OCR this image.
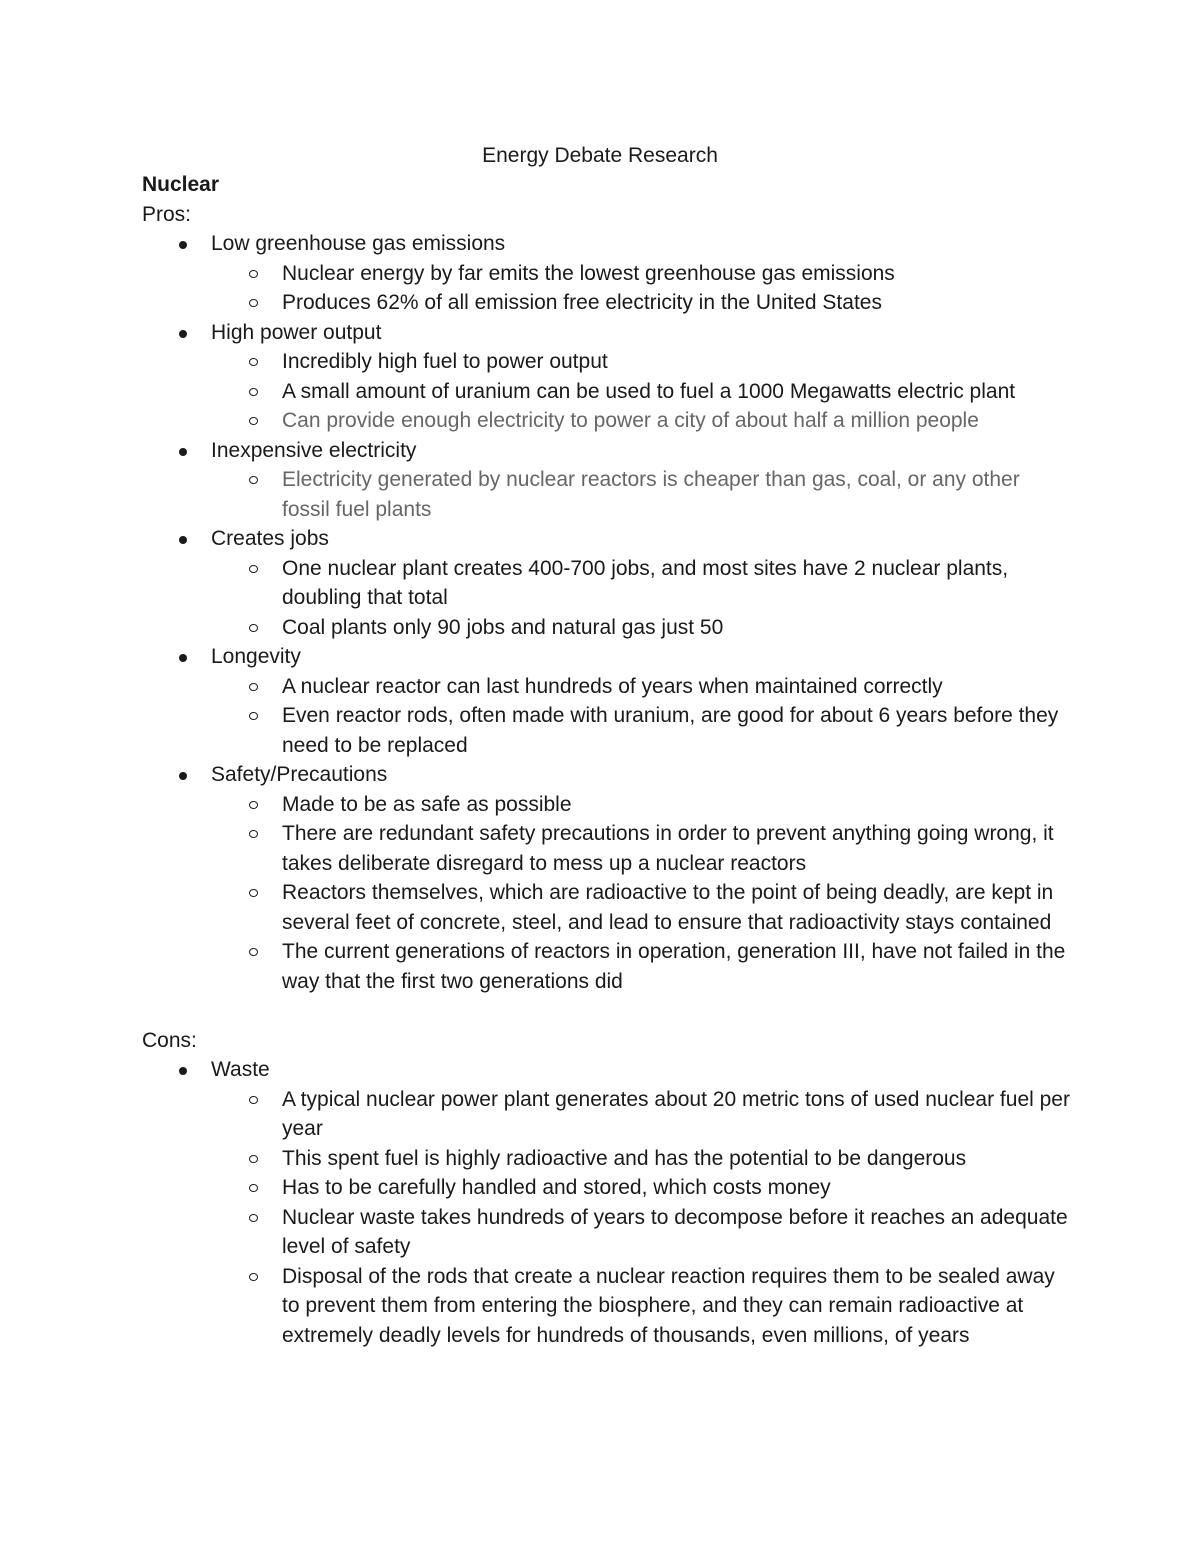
Energy Debate Research

Nuclear

Pros:

Low greenhouse gas emissions
Nuclear energy by far emits the lowest greenhouse gas emissions
Produces 62% of all emission free electricity in the United States
High power output
Incredibly high fuel to power output
A small amount of uranium can be used to fuel a 1000 Megawatts electric plant
Can provide enough electricity to power a city of about half a million people
Inexpensive electricity
Electricity generated by nuclear reactors is cheaper than gas, coal, or any other fossil fuel plants
Creates jobs
One nuclear plant creates 400-700 jobs, and most sites have 2 nuclear plants, doubling that total
Coal plants only 90 jobs and natural gas just 50
Longevity
A nuclear reactor can last hundreds of years when maintained correctly
Even reactor rods, often made with uranium, are good for about 6 years before they need to be replaced
Safety/Precautions
Made to be as safe as possible
There are redundant safety precautions in order to prevent anything going wrong, it takes deliberate disregard to mess up a nuclear reactors
Reactors themselves, which are radioactive to the point of being deadly, are kept in several feet of concrete, steel, and lead to ensure that radioactivity stays contained
The current generations of reactors in operation, generation III, have not failed in the way that the first two generations did

Cons:

Waste
A typical nuclear power plant generates about 20 metric tons of used nuclear fuel per year
This spent fuel is highly radioactive and has the potential to be dangerous
Has to be carefully handled and stored, which costs money
Nuclear waste takes hundreds of years to decompose before it reaches an adequate level of safety
Disposal of the rods that create a nuclear reaction requires them to be sealed away to prevent them from entering the biosphere, and they can remain radioactive at extremely deadly levels for hundreds of thousands, even millions, of years
